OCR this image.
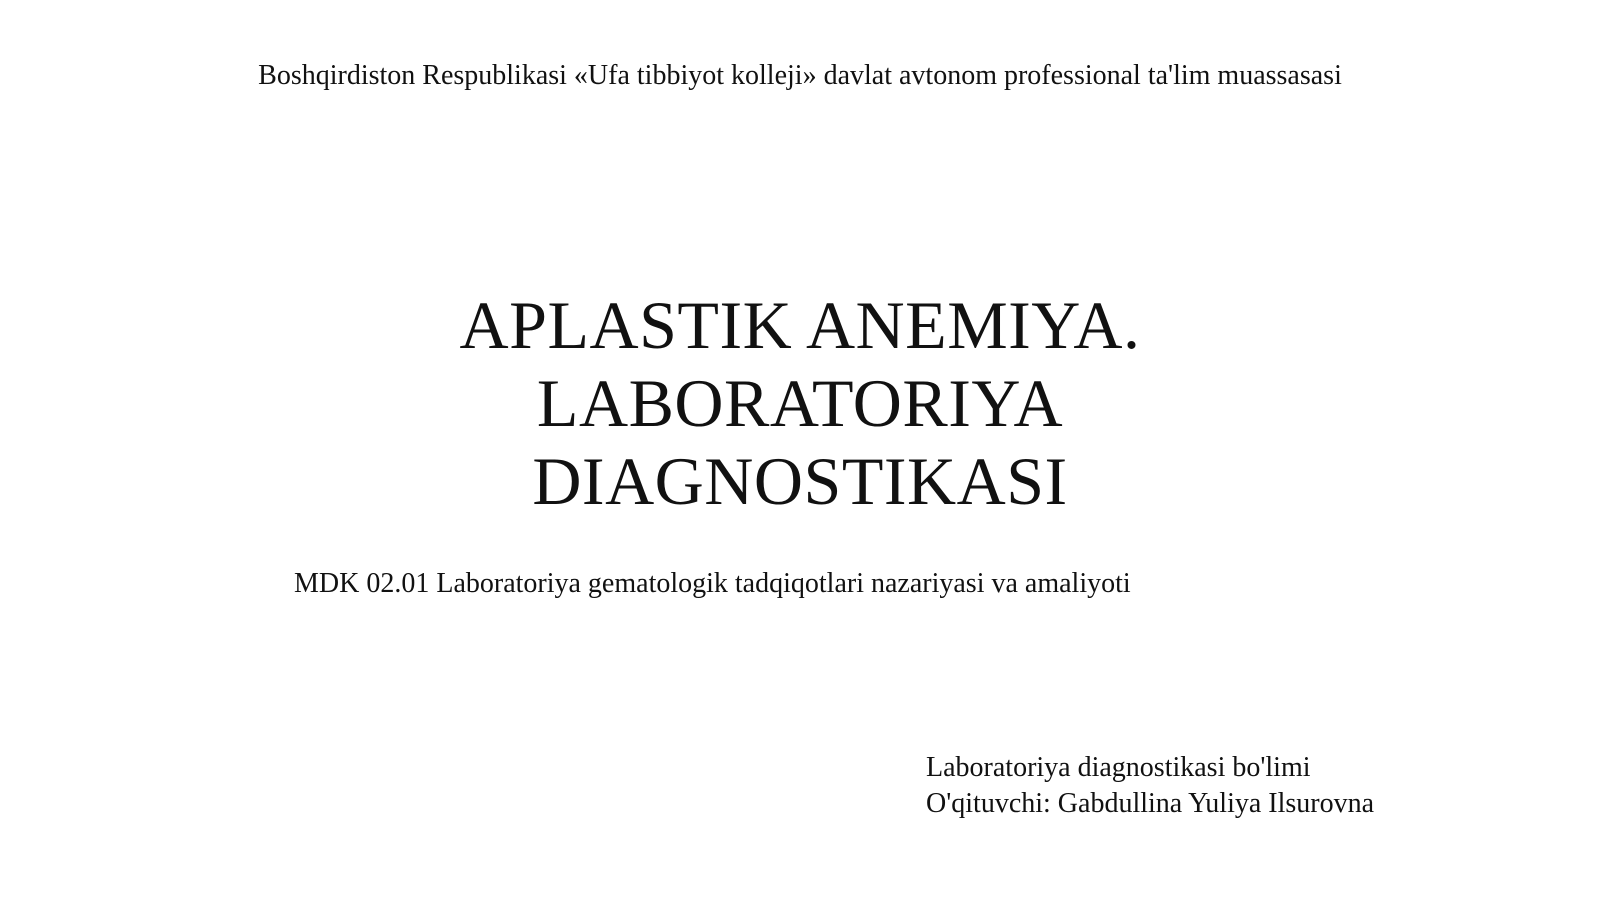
Boshqirdiston Respublikasi «Ufa tibbiyot kolleji» davlat avtonom professional ta'lim muassasasi
APLASTIK ANEMIYA.
LABORATORIYA
DIAGNOSTIKASI
MDK 02.01 Laboratoriya gematologik tadqiqotlari nazariyasi va amaliyoti
Laboratoriya diagnostikasi bo'limi
O'qituvchi: Gabdullina Yuliya Ilsurovna
